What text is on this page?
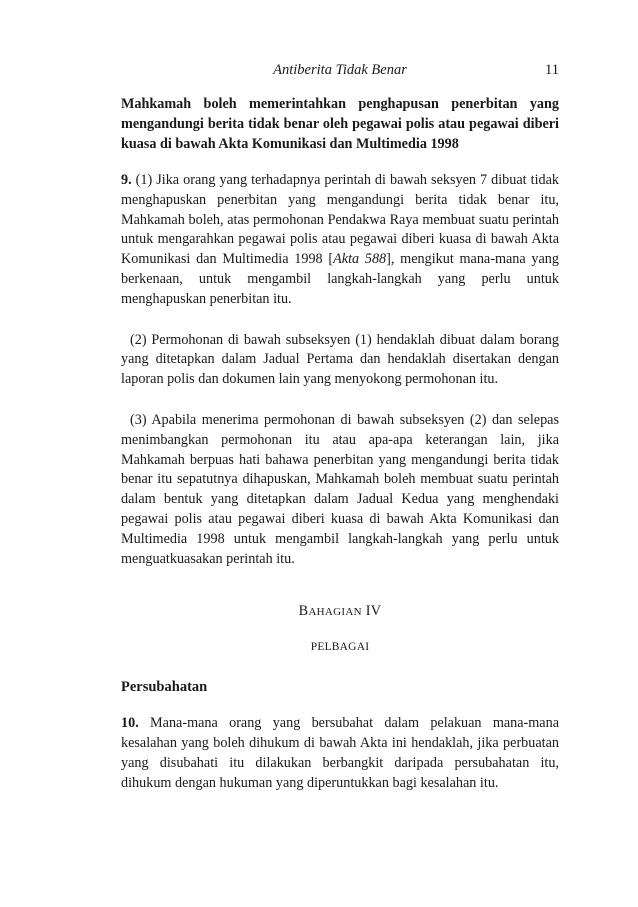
Antiberita Tidak Benar	11

Mahkamah boleh memerintahkan penghapusan penerbitan yang mengandungi berita tidak benar oleh pegawai polis atau pegawai diberi kuasa di bawah Akta Komunikasi dan Multimedia 1998

9. (1) Jika orang yang terhadapnya perintah di bawah seksyen 7 dibuat tidak menghapuskan penerbitan yang mengandungi berita tidak benar itu, Mahkamah boleh, atas permohonan Pendakwa Raya membuat suatu perintah untuk mengarahkan pegawai polis atau pegawai diberi kuasa di bawah Akta Komunikasi dan Multimedia 1998 [Akta 588], mengikut mana-mana yang berkenaan, untuk mengambil langkah-langkah yang perlu untuk menghapuskan penerbitan itu.

(2) Permohonan di bawah subseksyen (1) hendaklah dibuat dalam borang yang ditetapkan dalam Jadual Pertama dan hendaklah disertakan dengan laporan polis dan dokumen lain yang menyokong permohonan itu.

(3) Apabila menerima permohonan di bawah subseksyen (2) dan selepas menimbangkan permohonan itu atau apa-apa keterangan lain, jika Mahkamah berpuas hati bahawa penerbitan yang mengandungi berita tidak benar itu sepatutnya dihapuskan, Mahkamah boleh membuat suatu perintah dalam bentuk yang ditetapkan dalam Jadual Kedua yang menghendaki pegawai polis atau pegawai diberi kuasa di bawah Akta Komunikasi dan Multimedia 1998 untuk mengambil langkah-langkah yang perlu untuk menguatkuasakan perintah itu.

BAHAGIAN IV
PELBAGAI
Persubahatan

10. Mana-mana orang yang bersubahat dalam pelakuan mana-mana kesalahan yang boleh dihukum di bawah Akta ini hendaklah, jika perbuatan yang disubahati itu dilakukan berbangkit daripada persubahatan itu, dihukum dengan hukuman yang diperuntukkan bagi kesalahan itu.
